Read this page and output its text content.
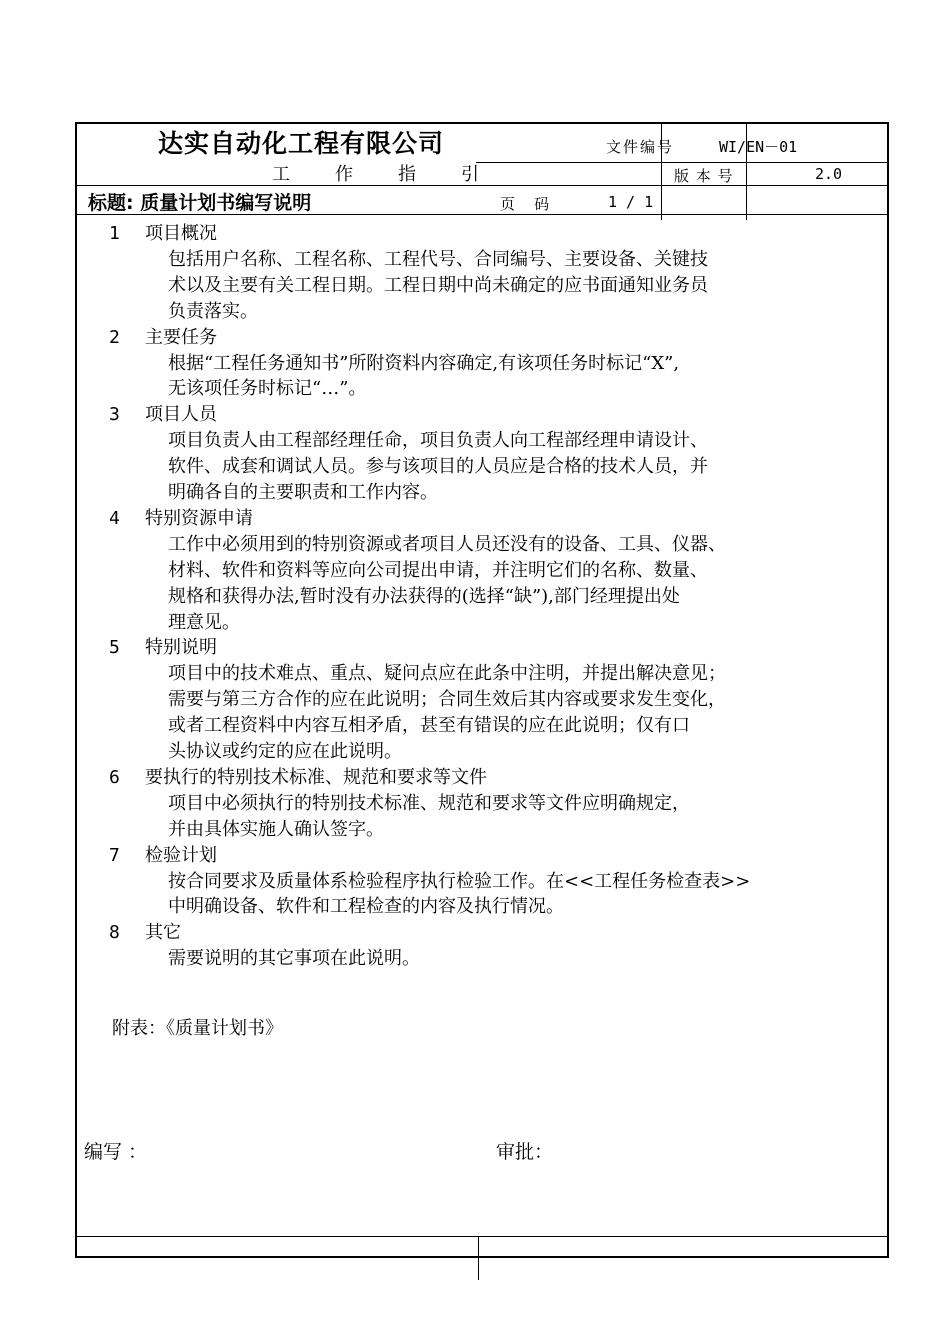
达实自动化工程有限公司
工	作	指	引
文件编号	WI/EN－01
版 本 号	2.0
标题: 质量计划书编写说明	页    码	1 / 1
1 项目概况
包括用户名称、工程名称、工程代号、合同编号、主要设备、关键技
术以及主要有关工程日期。工程日期中尚未确定的应书面通知业务员
负责落实。
2 主要任务
根据“工程任务通知书”所附资料内容确定,有该项任务时标记“X”,
无该项任务时标记“…”。
3 项目人员
项目负责人由工程部经理任命，项目负责人向工程部经理申请设计、
软件、成套和调试人员。参与该项目的人员应是合格的技术人员，并
明确各自的主要职责和工作内容。
4 特别资源申请
工作中必须用到的特别资源或者项目人员还没有的设备、工具、仪器、
材料、软件和资料等应向公司提出申请，并注明它们的名称、数量、
规格和获得办法,暂时没有办法获得的(选择“缺”),部门经理提出处
理意见。
5 特别说明
项目中的技术难点、重点、疑问点应在此条中注明，并提出解决意见；
需要与第三方合作的应在此说明；合同生效后其内容或要求发生变化，
或者工程资料中内容互相矛盾，甚至有错误的应在此说明；仅有口
头协议或约定的应在此说明。
6 要执行的特别技术标准、规范和要求等文件
项目中必须执行的特别技术标准、规范和要求等文件应明确规定，
并由具体实施人确认签字。
7 检验计划
按合同要求及质量体系检验程序执行检验工作。在<<工程任务检查表>>
中明确设备、软件和工程检查的内容及执行情况。
8 其它
需要说明的其它事项在此说明。
附表：《质量计划书》
编写 ：	审批：
